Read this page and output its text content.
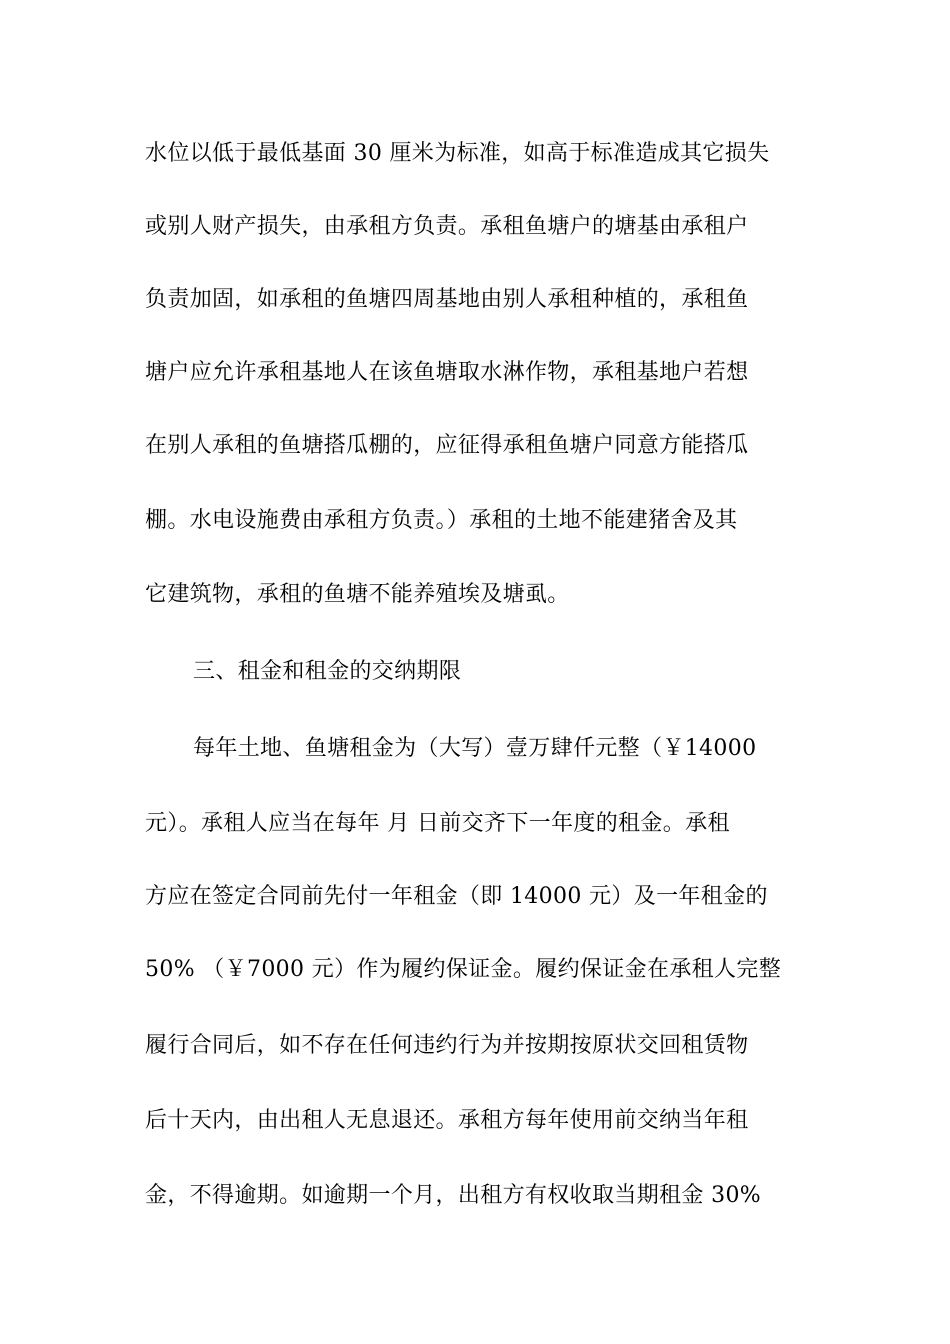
水位以低于最低基面 30 厘米为标准，如高于标准造成其它损失
或别人财产损失，由承租方负责。承租鱼塘户的塘基由承租户
负责加固，如承租的鱼塘四周基地由别人承租种植的，承租鱼
塘户应允许承租基地人在该鱼塘取水淋作物，承租基地户若想
在别人承租的鱼塘搭瓜棚的，应征得承租鱼塘户同意方能搭瓜
棚。水电设施费由承租方负责。）承租的土地不能建猪舍及其
它建筑物，承租的鱼塘不能养殖埃及塘虱。
三、租金和租金的交纳期限
每年土地、鱼塘租金为（大写）壹万肆仟元整（￥14000
元）。承租人应当在每年 月 日前交齐下一年度的租金。承租
方应在签定合同前先付一年租金（即 14000 元）及一年租金的
50% （￥7000 元）作为履约保证金。履约保证金在承租人完整
履行合同后，如不存在任何违约行为并按期按原状交回租赁物
后十天内，由出租人无息退还。承租方每年使用前交纳当年租
金，不得逾期。如逾期一个月，出租方有权收取当期租金 30%
